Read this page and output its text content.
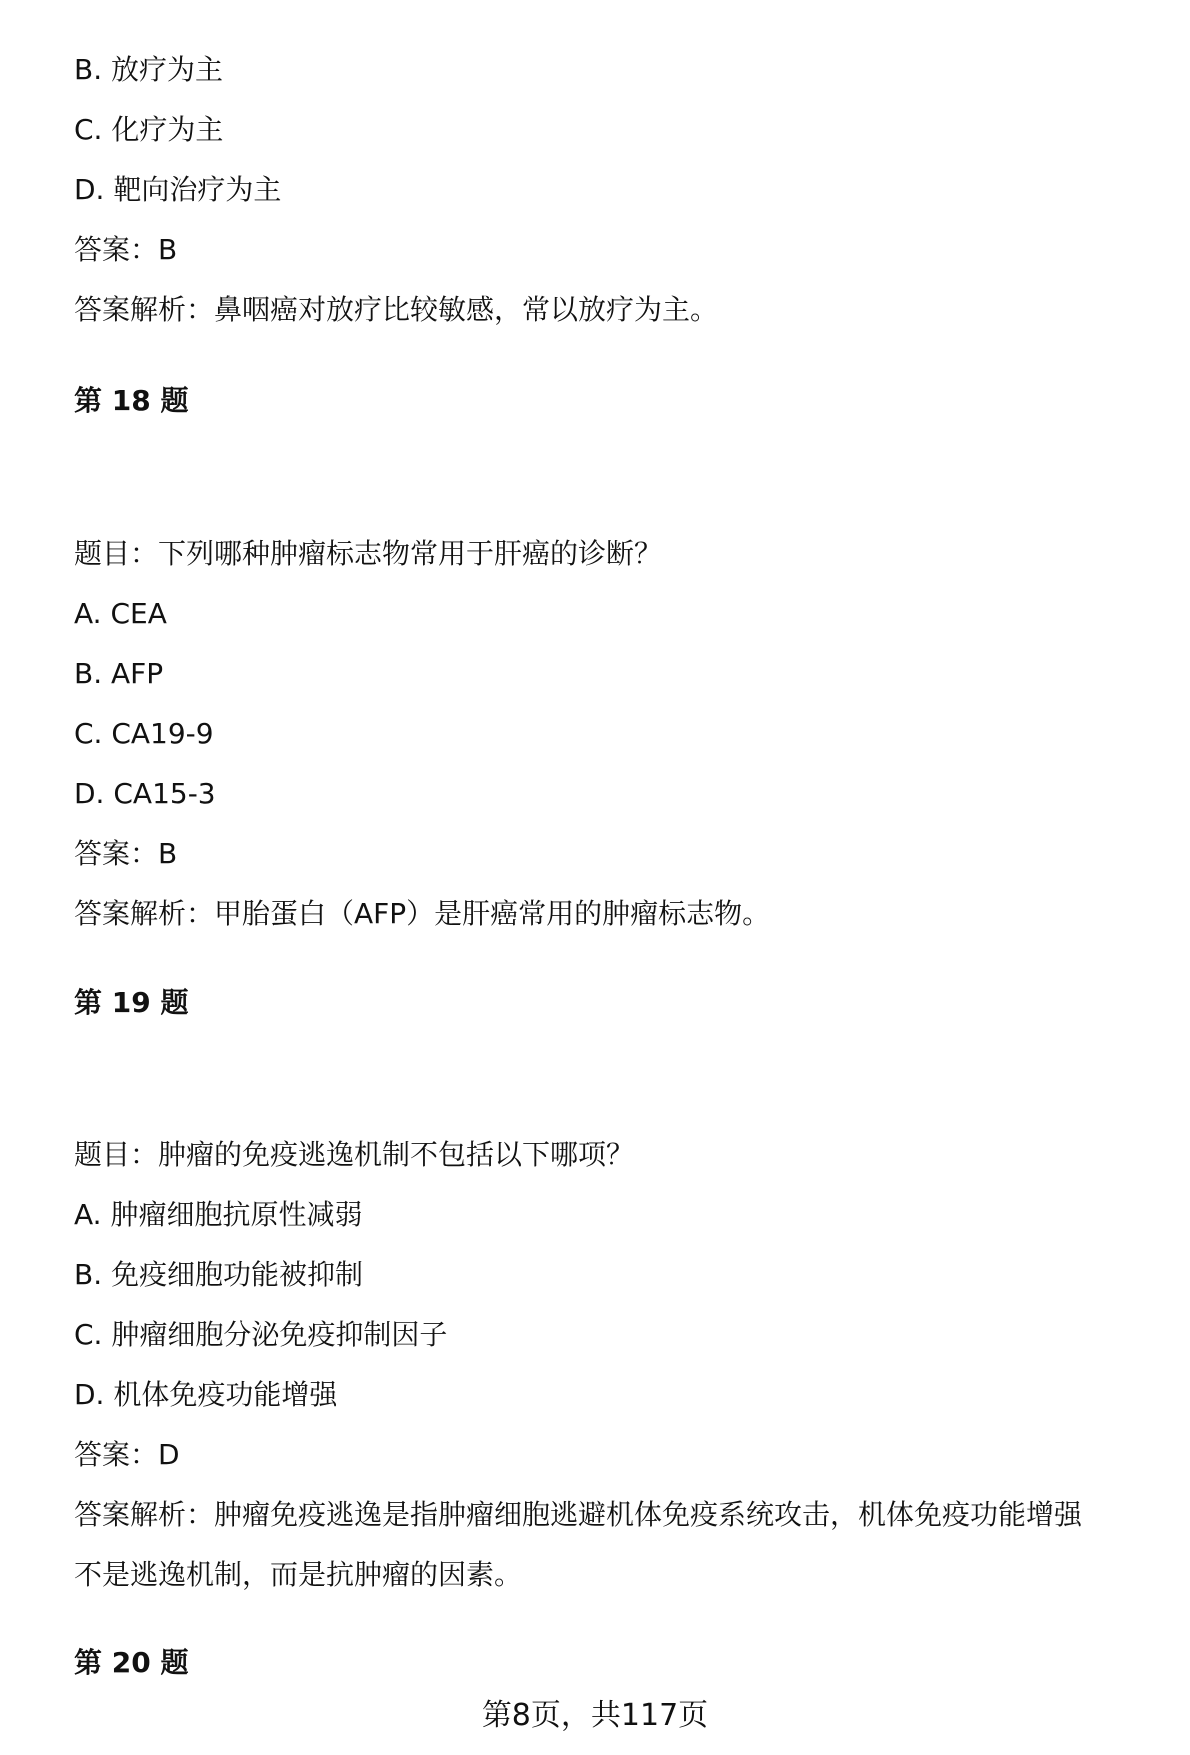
B. 放疗为主
C. 化疗为主
D. 靶向治疗为主
答案：B
答案解析：鼻咽癌对放疗比较敏感，常以放疗为主。
第 18 题
题目：下列哪种肿瘤标志物常用于肝癌的诊断？
A. CEA
B. AFP
C. CA19-9
D. CA15-3
答案：B
答案解析：甲胎蛋白（AFP）是肝癌常用的肿瘤标志物。
第 19 题
题目：肿瘤的免疫逃逸机制不包括以下哪项？
A. 肿瘤细胞抗原性减弱
B. 免疫细胞功能被抑制
C. 肿瘤细胞分泌免疫抑制因子
D. 机体免疫功能增强
答案：D
答案解析：肿瘤免疫逃逸是指肿瘤细胞逃避机体免疫系统攻击，机体免疫功能增强
不是逃逸机制，而是抗肿瘤的因素。
第 20 题
第8页，共117页
